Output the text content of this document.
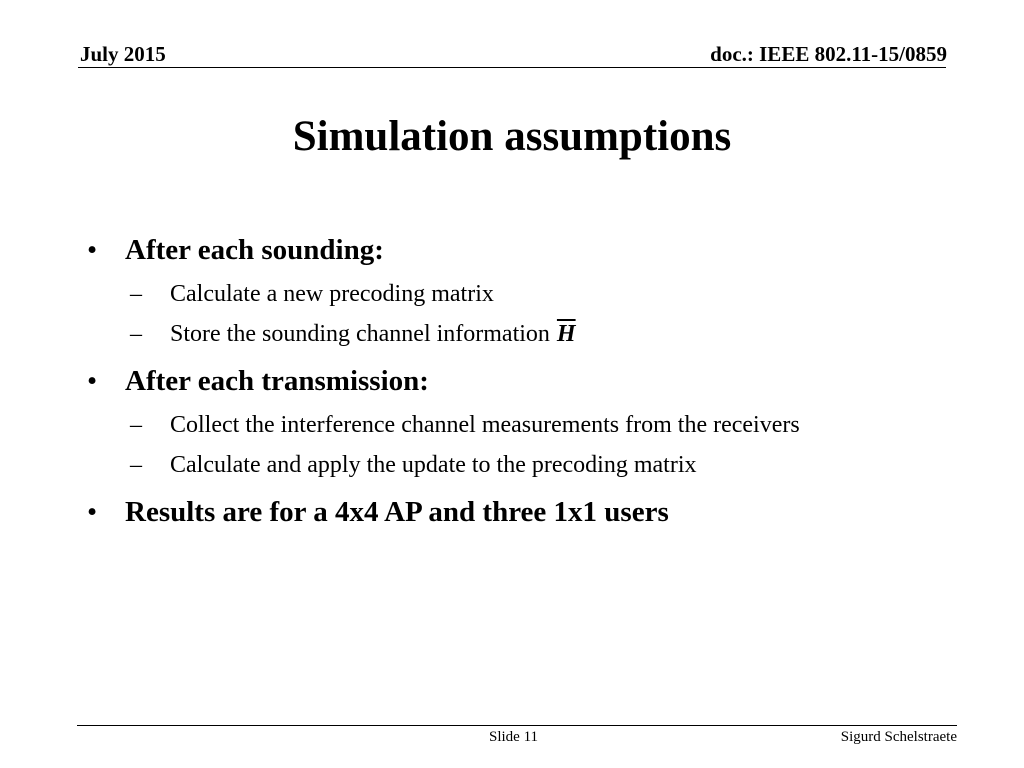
July 2015	doc.: IEEE 802.11-15/0859
Simulation assumptions
• After each sounding:
–	Calculate a new precoding matrix
–	Store the sounding channel information $\overline{H}$
• After each transmission:
–	Collect the interference channel measurements from the receivers
–	Calculate and apply the update to the precoding matrix
• Results are for a 4x4 AP and three 1x1 users
Slide 11	Sigurd Schelstraete
